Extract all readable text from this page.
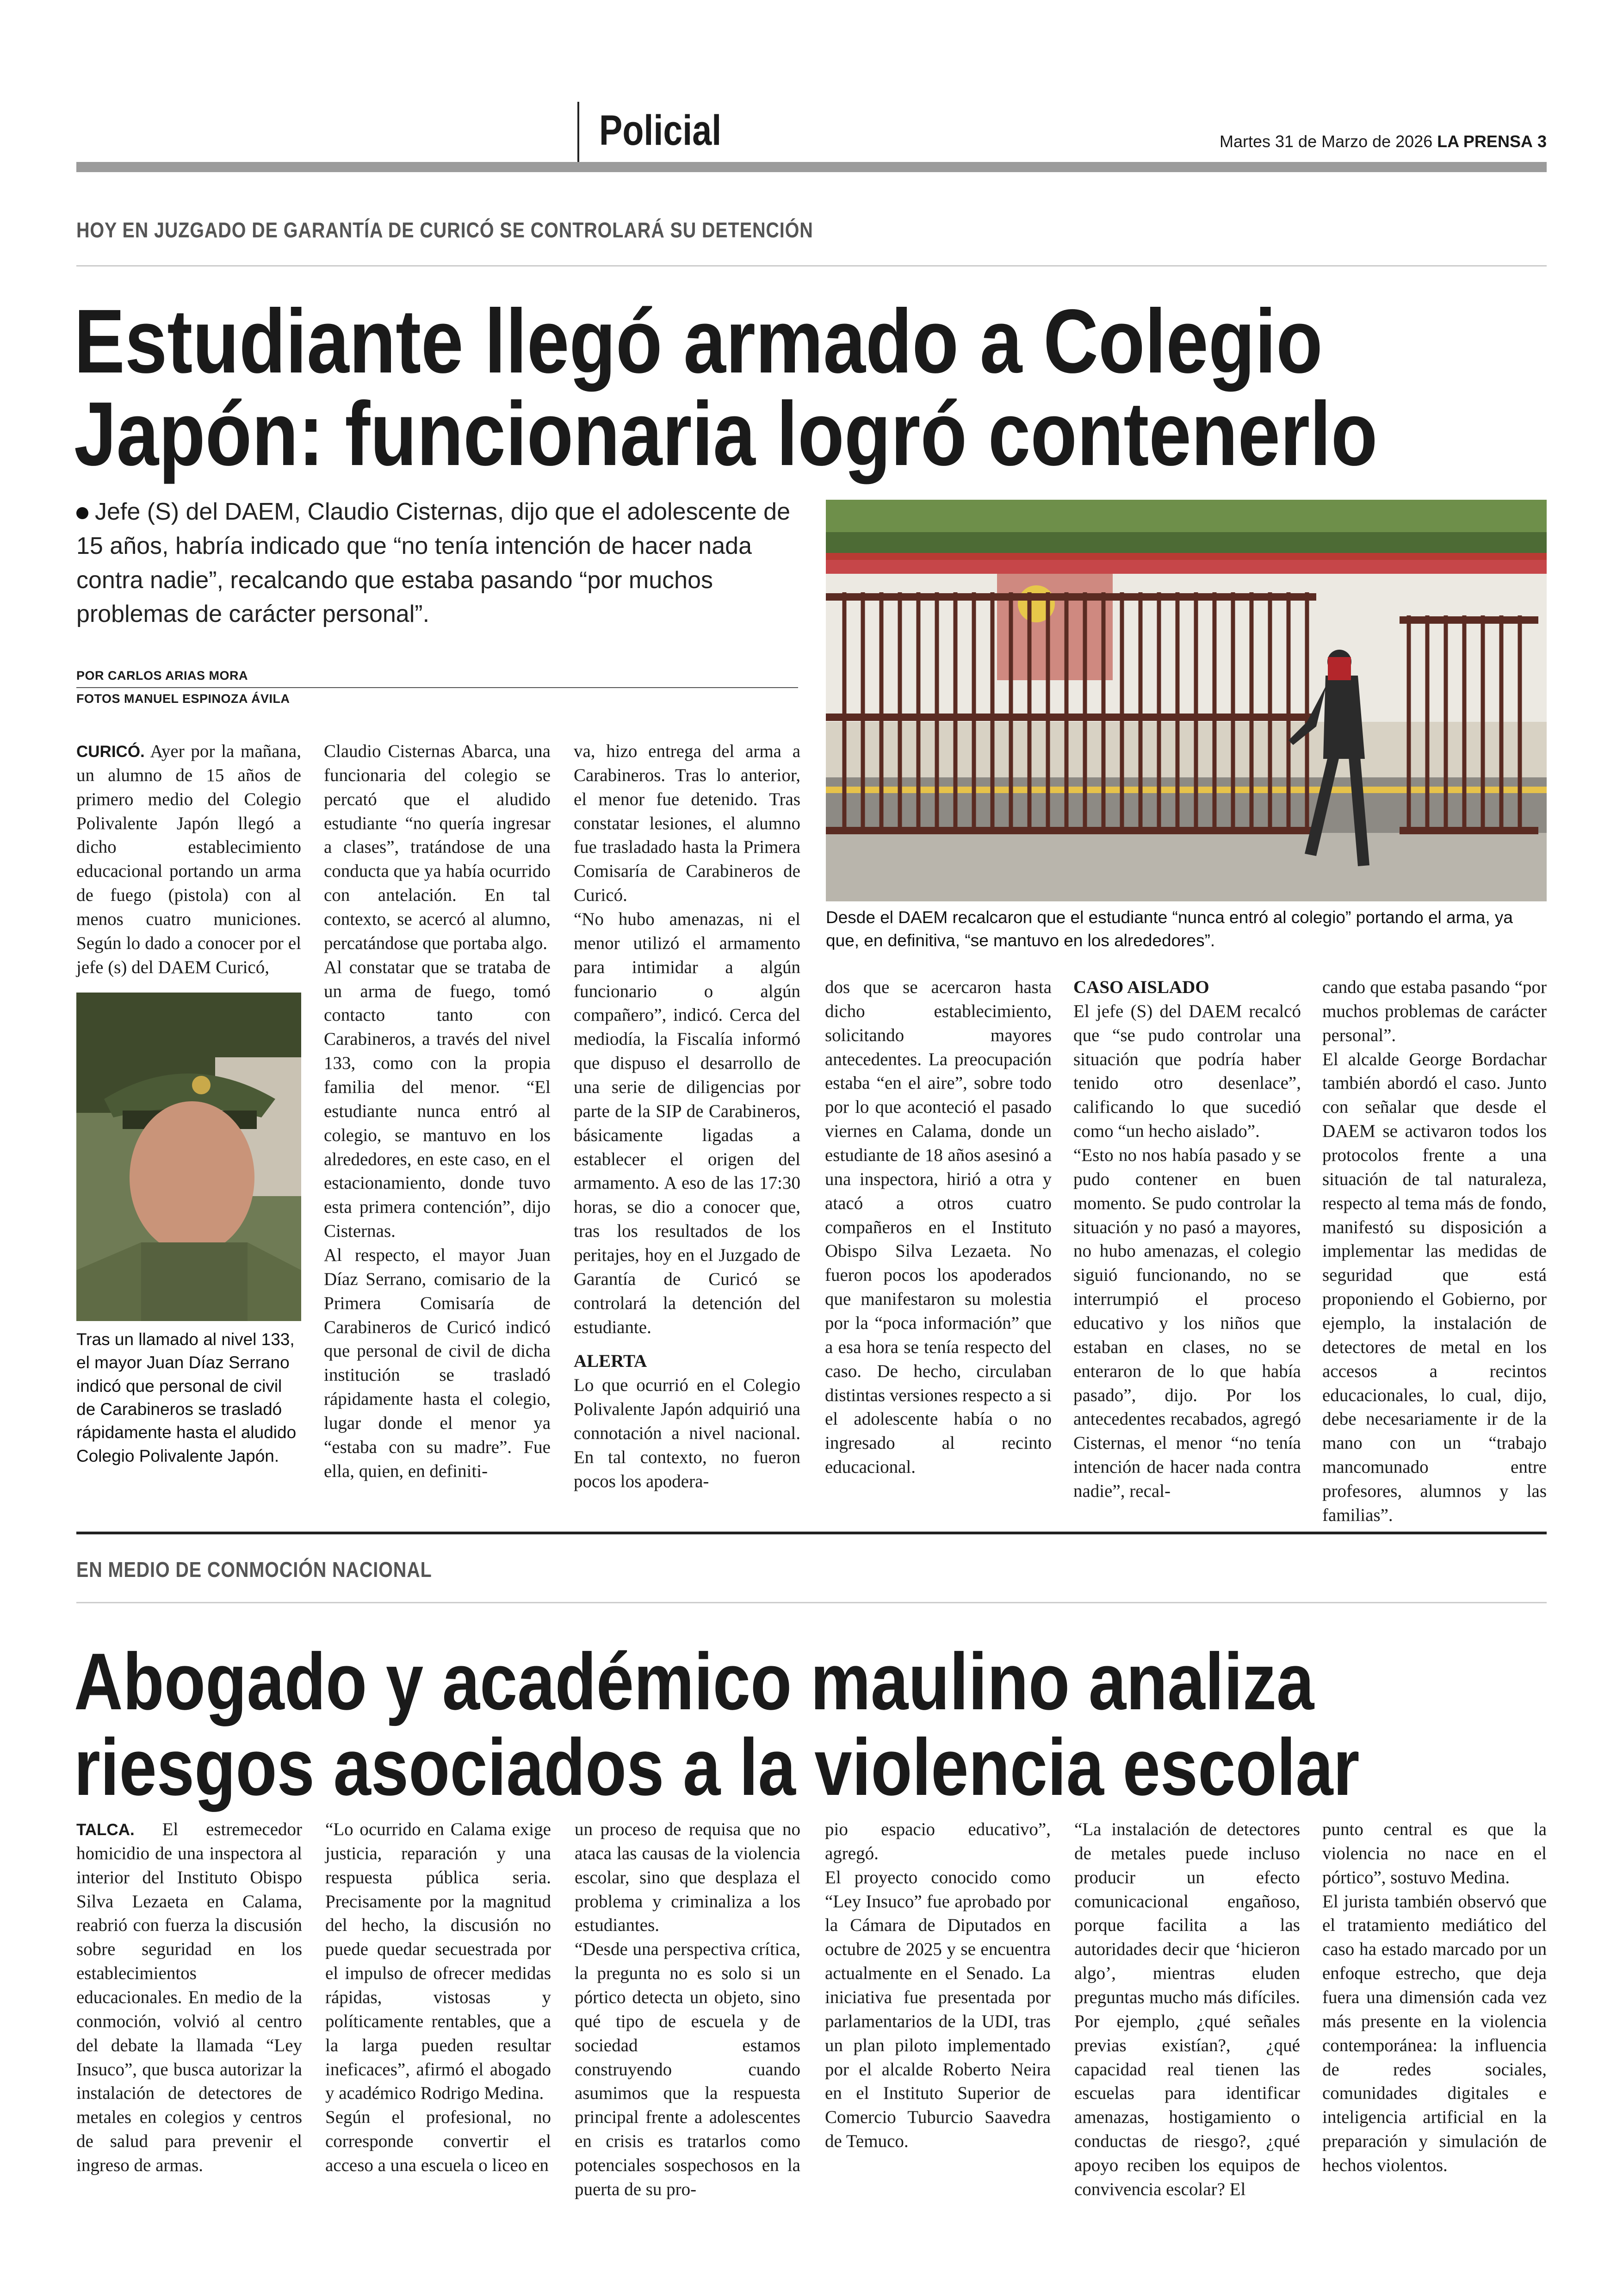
Policial	Martes 31 de Marzo de 2026 LA PRENSA 3
HOY EN JUZGADO DE GARANTÍA DE CURICÓ SE CONTROLARÁ SU DETENCIÓN
Estudiante llegó armado a Colegio
Japón: funcionaria logró contenerlo
Jefe (S) del DAEM, Claudio Cisternas, dijo que el adolescente de 15 años, habría indicado que “no tenía intención de hacer nada contra nadie”, recalcando que estaba pasando “por muchos problemas de carácter personal”.
POR CARLOS ARIAS MORA
FOTOS MANUEL ESPINOZA ÁVILA
Desde el DAEM recalcaron que el estudiante “nunca entró al colegio” portando el arma, ya que, en definitiva, “se mantuvo en los alrededores”.
Tras un llamado al nivel 133, el mayor Juan Díaz Serrano indicó que personal de civil de Carabineros se trasladó rápidamente hasta el aludido Colegio Polivalente Japón.

CURICÓ. Ayer por la mañana, un alumno de 15 años de primero medio del Colegio Polivalente Japón llegó a dicho establecimiento educacional portando un arma de fuego (pistola) con al menos cuatro municiones. Según lo dado a conocer por el jefe (s) del DAEM Curicó,

Claudio Cisternas Abarca, una funcionaria del colegio se percató que el aludido estudiante “no quería ingresar a clases”, tratándose de una conducta que ya había ocurrido con antelación. En tal contexto, se acercó al alumno, percatándose que portaba algo.

Al constatar que se trataba de un arma de fuego, tomó contacto tanto con Carabineros, a través del nivel 133, como con la propia familia del menor. “El estudiante nunca entró al colegio, se mantuvo en los alrededores, en este caso, en el estacionamiento, donde tuvo esta primera contención”, dijo Cisternas.

Al respecto, el mayor Juan Díaz Serrano, comisario de la Primera Comisaría de Carabineros de Curicó indicó que personal de civil de dicha institución se trasladó rápidamente hasta el colegio, lugar donde el menor ya “estaba con su madre”. Fue ella, quien, en definiti-

va, hizo entrega del arma a Carabineros. Tras lo anterior, el menor fue detenido. Tras constatar lesiones, el alumno fue trasladado hasta la Primera Comisaría de Carabineros de Curicó.

“No hubo amenazas, ni el menor utilizó el armamento para intimidar a algún funcionario o algún compañero”, indicó. Cerca del mediodía, la Fiscalía informó que dispuso el desarrollo de una serie de diligencias por parte de la SIP de Carabineros, básicamente ligadas a establecer el origen del armamento. A eso de las 17:30 horas, se dio a conocer que, tras los resultados de los peritajes, hoy en el Juzgado de Garantía de Curicó se controlará la detención del estudiante.

ALERTA

Lo que ocurrió en el Colegio Polivalente Japón adquirió una connotación a nivel nacional. En tal contexto, no fueron pocos los apodera-

dos que se acercaron hasta dicho establecimiento, solicitando mayores antecedentes. La preocupación estaba “en el aire”, sobre todo por lo que aconteció el pasado viernes en Calama, donde un estudiante de 18 años asesinó a una inspectora, hirió a otra y atacó a otros cuatro compañeros en el Instituto Obispo Silva Lezaeta. No fueron pocos los apoderados que manifestaron su molestia por la “poca información” que a esa hora se tenía respecto del caso. De hecho, circulaban distintas versiones respecto a si el adolescente había o no ingresado al recinto educacional.

CASO AISLADO

El jefe (S) del DAEM recalcó que “se pudo controlar una situación que podría haber tenido otro desenlace”, calificando lo que sucedió como “un hecho aislado”.

“Esto no nos había pasado y se pudo contener en buen momento. Se pudo controlar la situación y no pasó a mayores, no hubo amenazas, el colegio siguió funcionando, no se interrumpió el proceso educativo y los niños que estaban en clases, no se enteraron de lo que había pasado”, dijo. Por los antecedentes recabados, agregó Cisternas, el menor “no tenía intención de hacer nada contra nadie”, recal-

cando que estaba pasando “por muchos problemas de carácter personal”.

El alcalde George Bordachar también abordó el caso. Junto con señalar que desde el DAEM se activaron todos los protocolos frente a una situación de tal naturaleza, respecto al tema más de fondo, manifestó su disposición a implementar las medidas de seguridad que está proponiendo el Gobierno, por ejemplo, la instalación de detectores de metal en los accesos a recintos educacionales, lo cual, dijo, debe necesariamente ir de la mano con un “trabajo mancomunado entre profesores, alumnos y las familias”.

EN MEDIO DE CONMOCIÓN NACIONAL
Abogado y académico maulino analiza
riesgos asociados a la violencia escolar

TALCA. El estremecedor homicidio de una inspectora al interior del Instituto Obispo Silva Lezaeta en Calama, reabrió con fuerza la discusión sobre seguridad en los establecimientos educacionales. En medio de la conmoción, volvió al centro del debate la llamada “Ley Insuco”, que busca autorizar la instalación de detectores de metales en colegios y centros de salud para prevenir el ingreso de armas.

“Lo ocurrido en Calama exige justicia, reparación y una respuesta pública seria. Precisamente por la magnitud del hecho, la discusión no puede quedar secuestrada por el impulso de ofrecer medidas rápidas, vistosas y políticamente rentables, que a la larga pueden resultar ineficaces”, afirmó el abogado y académico Rodrigo Medina.

Según el profesional, no corresponde convertir el acceso a una escuela o liceo en

un proceso de requisa que no ataca las causas de la violencia escolar, sino que desplaza el problema y criminaliza a los estudiantes.

“Desde una perspectiva crítica, la pregunta no es solo si un pórtico detecta un objeto, sino qué tipo de escuela y de sociedad estamos construyendo cuando asumimos que la respuesta principal frente a adolescentes en crisis es tratarlos como potenciales sospechosos en la puerta de su pro-

pio espacio educativo”, agregó.

El proyecto conocido como “Ley Insuco” fue aprobado por la Cámara de Diputados en octubre de 2025 y se encuentra actualmente en el Senado. La iniciativa fue presentada por parlamentarios de la UDI, tras un plan piloto implementado por el alcalde Roberto Neira en el Instituto Superior de Comercio Tuburcio Saavedra de Temuco.

“La instalación de detectores de metales puede incluso producir un efecto comunicacional engañoso, porque facilita a las autoridades decir que ‘hicieron algo’, mientras eluden preguntas mucho más difíciles. Por ejemplo, ¿qué señales previas existían?, ¿qué capacidad real tienen las escuelas para identificar amenazas, hostigamiento o conductas de riesgo?, ¿qué apoyo reciben los equipos de convivencia escolar? El

punto central es que la violencia no nace en el pórtico”, sostuvo Medina.

El jurista también observó que el tratamiento mediático del caso ha estado marcado por un enfoque estrecho, que deja fuera una dimensión cada vez más presente en la violencia contemporánea: la influencia de redes sociales, comunidades digitales e inteligencia artificial en la preparación y simulación de hechos violentos.
